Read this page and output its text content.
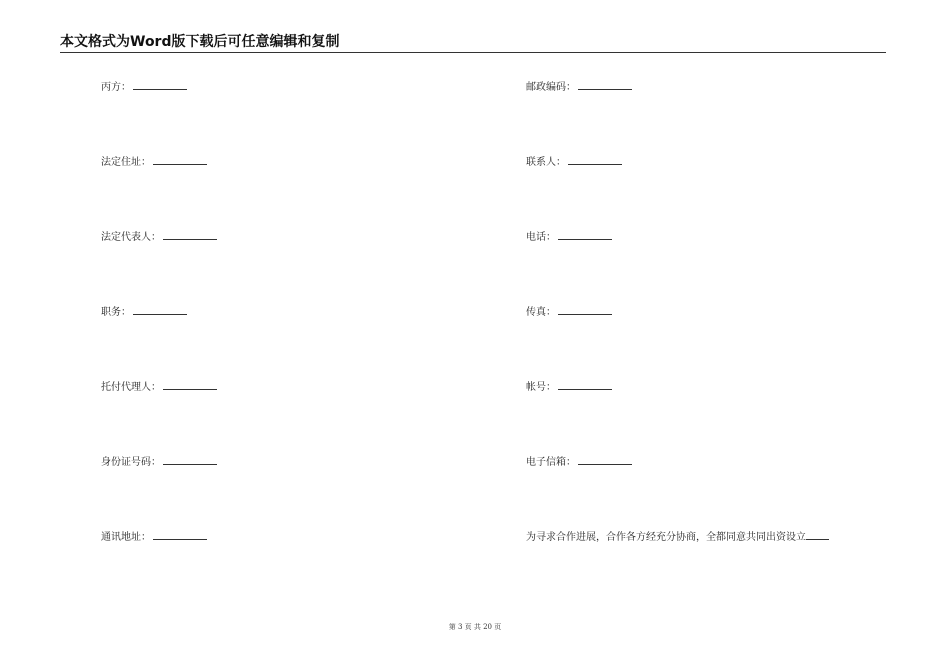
本文格式为Word版下载后可任意编辑和复制
丙方：
法定住址：
法定代表人：
职务：
托付代理人：
身份证号码：
通讯地址：
邮政编码：
联系人：
电话：
传真：
帐号：
电子信箱：
为寻求合作进展，合作各方经充分协商，全都同意共同出资设立
第 3 页 共 20 页
